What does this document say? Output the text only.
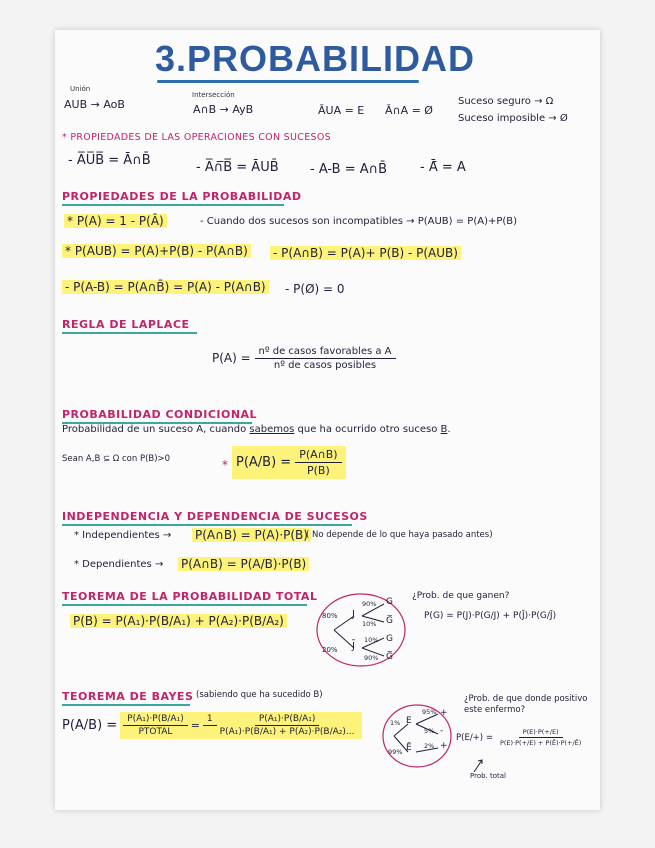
3.PROBABILIDAD
Unión
AUB → AoB
Intersección
A∩B → AyB	ĀUA = E Ā∩A = Ø
Suceso seguro → Ω
Suceso imposible → Ø
* PROPIEDADES DE LAS OPERACIONES CON SUCESOS
- A̅U̅B̅ = Ā∩B̄	- A̅∩̅B̅ = ĀUB̄ - A-B = A∩B̄	- Ā̄ = A
PROPIEDADES DE LA PROBABILIDAD
* P(A) = 1 - P(Ā)	- Cuando dos sucesos son incompatibles → P(AUB) = P(A)+P(B)
* P(AUB) = P(A)+P(B) - P(A∩B) - P(A∩B) = P(A)+ P(B) - P(AUB)
- P(A-B) = P(A∩B̄) = P(A) - P(A∩B) - P(Ø) = 0
REGLA DE LAPLACE
$P(A) = \frac{\text{nº de casos favorables a A}}{\text{nº de casos posibles}}$
PROBABILIDAD CONDICIONAL
Probabilidad de un suceso A, cuando sabemos que ha ocurrido otro suceso B.
Sean A,B ⊆ Ω con P(B)>0	* $P(A/B) = \frac{P(A\cap B)}{P(B)}$
INDEPENDENCIA Y DEPENDENCIA DE SUCESOS
* Independientes → P(A∩B) = P(A)·P(B)
( No depende de lo que haya pasado antes)
* Dependientes → P(A∩B) = P(A/B)·P(B)
TEOREMA DE LA PROBABILIDAD TOTAL
P(B) = P(A₁)·P(B/A₁) + P(A₂)·P(B/A₂)
¿Prob. de que ganen?
P(G) = P(J)·P(G/J) + P(J̄)·P(G/J̄)
80%
20%
J
J̄
90% G
G̅
10%
G
G̅
10%
90%
TEOREMA DE BAYES (sabiendo que ha sucedido B)
$P(A/B) = \frac{\text{P(A₁)·P(B/A₁)}}{\text{PTOTAL}} = 1 \frac{\text{P(A₁)·P(B/A₁)}}{\text{P(A₁)·P(B/A₁) + P(A₂)·P(B/A₂)...}}$	1%
99%
E
Ē
95% +
5% -
2% +
¿Prob. de que donde positivo este enfermo?
$P(E/+) = \frac{P(E)\cdot P(+/E)}{P(E)\cdot P(+/E) + P(Ē)\cdot P(+/Ē)}$
Prob. total
